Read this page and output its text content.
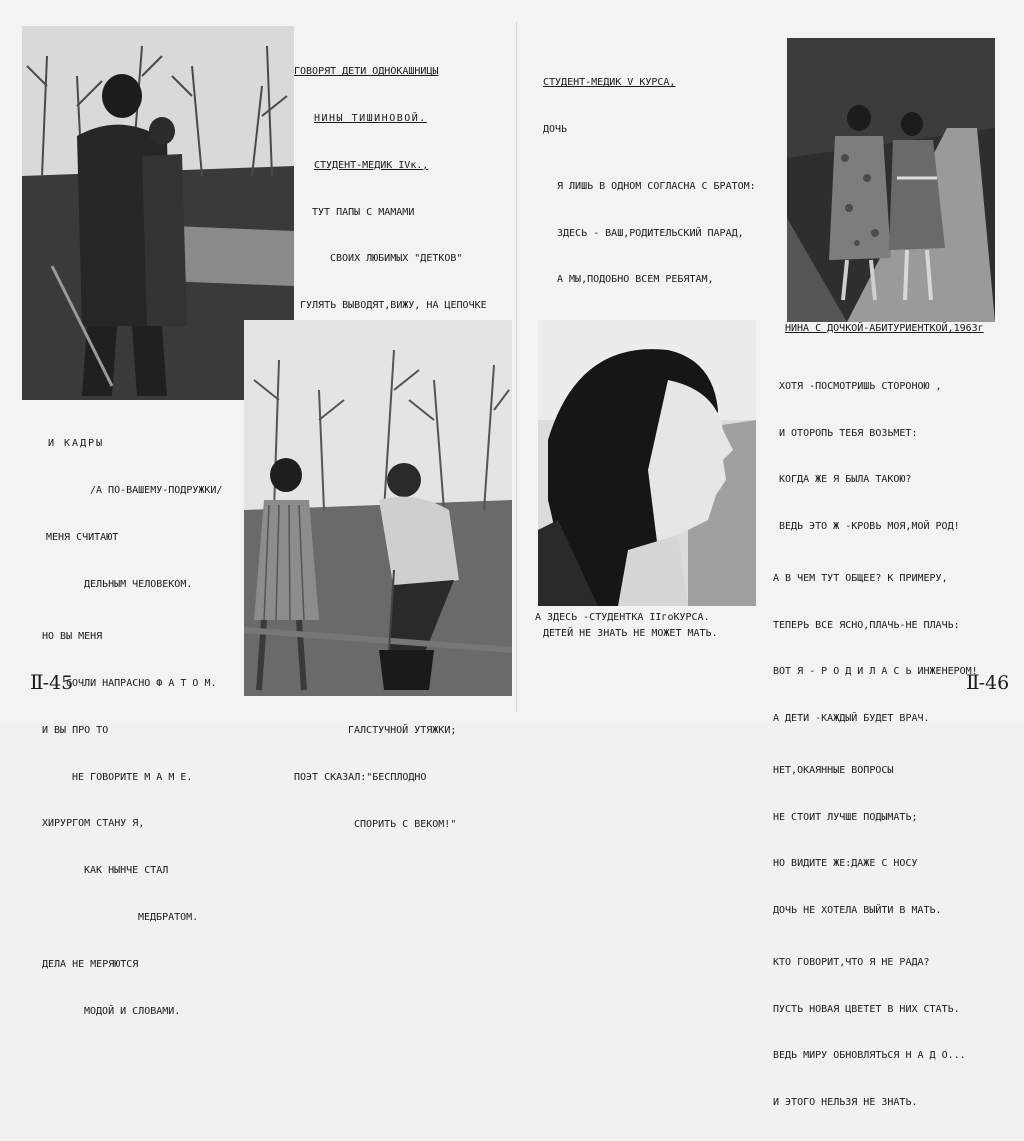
ГОВОРЯТ ДЕТИ ОДНОКАШНИЦЫ

НИНЫ ТИШИНОВОЙ.

СТУДЕНТ-МЕДИК IVк.,

ТУТ ПАПЫ С МАМАМИ

СВОИХ ЛЮБИМЫХ "ДЕТКОВ"

ГУЛЯТЬ ВЫВОДЯТ,ВИЖУ, НА ЦЕПОЧКЕ

ГАЛСТУЧНОЙ УТЯЖКИ;

ПОЭТ СКАЗАЛ:"БЕСПЛОДНО

СПОРИТЬ С ВЕКОМ!"

И КАДРЫ

/А ПО-ВАШЕМУ-ПОДРУЖКИ/

МЕНЯ СЧИТАЮТ

ДЕЛЬНЫМ ЧЕЛОВЕКОМ.

НО ВЫ МЕНЯ

СОЧЛИ НАПРАСНО Ф А Т О М.

И ВЫ ПРО ТО

НЕ ГОВОРИТЕ М А М Е.

ХИРУРГОМ СТАНУ Я,

КАК НЫНЧЕ СТАЛ

МЕДБРАТОМ.

ДЕЛА НЕ МЕРЯЮТСЯ

МОДОЙ И СЛОВАМИ.

Ⅱ-45

СТУДЕНТ-МЕДИК V КУРСА,

ДОЧЬ

Я ЛИШЬ В ОДНОМ СОГЛАСНА С БРАТОМ:

ЗДЕСЬ - ВАШ,РОДИТЕЛЬСКИЙ ПАРАД,

А МЫ,ПОДОБНО ВСЕМ РЕБЯТАМ,

ДЕТЕЙ НЕ ЗНАТЬ НЕ МОЖЕТ МАТЬ.

НИНА С ДОЧКОЙ-АБИТУРИЕНТКОЙ,1963г
А ЗДЕСЬ -СТУДЕНТКА IIгоКУРСА.

ХОТЯ -ПОСМОТРИШЬ СТОРОНОЮ ,

И ОТОРОПЬ ТЕБЯ ВОЗЬМЕТ:

КОГДА ЖЕ Я БЫЛА ТАКОЮ?

ВЕДЬ ЭТО Ж -КРОВЬ МОЯ,МОЙ РОД!

А В ЧЕМ ТУТ ОБЩЕЕ? К ПРИМЕРУ,

ТЕПЕРЬ ВСЕ ЯСНО,ПЛАЧЬ-НЕ ПЛАЧЬ:

ВОТ Я - Р О Д И Л А С Ь ИНЖЕНЕРОМ!

А ДЕТИ -КАЖДЫЙ БУДЕТ ВРАЧ.

НЕТ,ОКАЯННЫЕ ВОПРОСЫ

НЕ СТОИТ ЛУЧШЕ ПОДЫМАТЬ;

НО ВИДИТЕ ЖЕ:ДАЖЕ С НОСУ

ДОЧЬ НЕ ХОТЕЛА ВЫЙТИ В МАТЬ.

КТО ГОВОРИТ,ЧТО Я НЕ РАДА?

ПУСТЬ НОВАЯ ЦВЕТЕТ В НИХ СТАТЬ.

ВЕДЬ МИРУ ОБНОВЛЯТЬСЯ Н А Д О...

И ЭТОГО НЕЛЬЗЯ НЕ ЗНАТЬ.

Ⅱ-46
